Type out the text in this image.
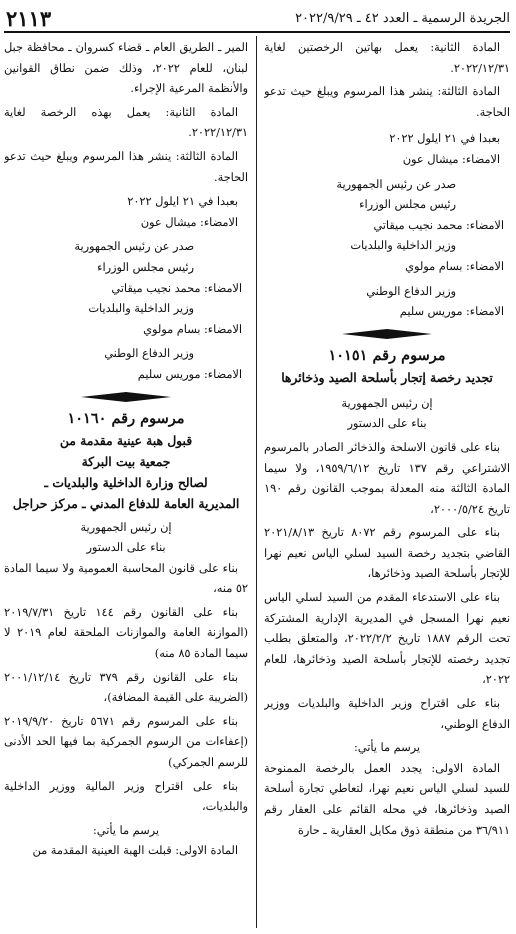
الجريدة الرسمية ـ العدد ٤٢ ـ ٢٠٢٢/٩/٢٩
٢١١٣

المادة الثانية: يعمل بهاتين الرخصتين لغاية ٢٠٢٢/١٢/٣١.

المادة الثالثة: ينشر هذا المرسوم ويبلغ حيث تدعو الحاجة.

بعبدا في ٢١ ايلول ٢٠٢٢
الامضاء: ميشال عون
صدر عن رئيس الجمهورية
رئيس مجلس الوزراء
الامضاء: محمد نجيب ميقاتي
وزير الداخلية والبلديات
الامضاء: بسام مولوي
وزير الدفاع الوطني
الامضاء: موريس سليم
مرسوم رقم ١٠١٥١
تجديد رخصة إتجار بأسلحة الصيد وذخائرها
إن رئيس الجمهورية
بناء على الدستور

بناء على قانون الاسلحة والذخائر الصادر بالمرسوم الاشتراعي رقم ١٣٧ تاريخ ١٩٥٩/٦/١٢، ولا سيما المادة الثالثة منه المعدلة بموجب القانون رقم ١٩٠ تاريخ ٢٠٠٠/٥/٢٤،

بناء على المرسوم رقم ٨٠٧٢ تاريخ ٢٠٢١/٨/١٣ القاضي بتجديد رخصة السيد لسلي الياس نعيم نهرا للإتجار بأسلحة الصيد وذخائرها،

بناء على الاستدعاء المقدم من السيد لسلي الياس نعيم نهرا المسجل في المديرية الإدارية المشتركة تحت الرقم ١٨٨٧ تاريخ ٢٠٢٢/٢/٢، والمتعلق بطلب تجديد رخصته للإتجار بأسلحة الصيد وذخائرها، للعام ٢٠٢٢،

بناء على اقتراح وزير الداخلية والبلديات ووزير الدفاع الوطني،

يرسم ما يأتي:

المادة الاولى: يجدد العمل بالرخصة الممنوحة للسيد لسلي الياس نعيم نهرا، لتعاطي تجارة أسلحة الصيد وذخائرها، في محله القائم على العقار رقم ٣٦/٩١١ من منطقة ذوق مكايل العقارية ـ حارة

المير ـ الطريق العام ـ قضاء كسروان ـ محافظة جبل لبنان، للعام ٢٠٢٢، وذلك ضمن نطاق القوانين والأنظمة المرعية الإجراء.

المادة الثانية: يعمل بهذه الرخصة لغاية ٢٠٢٢/١٢/٣١.

المادة الثالثة: ينشر هذا المرسوم ويبلغ حيث تدعو الحاجة.

بعبدا في ٢١ ايلول ٢٠٢٢
الامضاء: ميشال عون
صدر عن رئيس الجمهورية
رئيس مجلس الوزراء
الامضاء: محمد نجيب ميقاتي
وزير الداخلية والبلديات
الامضاء: بسام مولوي
وزير الدفاع الوطني
الامضاء: موريس سليم
مرسوم رقم ١٠١٦٠
قبول هبة عينية مقدمة من
جمعية بيت البركة
لصالح وزارة الداخلية والبلديات ـ
المديرية العامة للدفاع المدني ـ مركز حراجل
إن رئيس الجمهورية
بناء على الدستور

بناء على قانون المحاسبة العمومية ولا سيما المادة ٥٢ منه،

بناء على القانون رقم ١٤٤ تاريخ ٢٠١٩/٧/٣١ (الموازنة العامة والموازنات الملحقة لعام ٢٠١٩ لا سيما المادة ٨٥ منه)

بناء على القانون رقم ٣٧٩ تاريخ ٢٠٠١/١٢/١٤ (الضريبة على القيمة المضافة)،

بناء على المرسوم رقم ٥٦٧١ تاريخ ٢٠١٩/٩/٢٠ (إعفاءات من الرسوم الجمركية بما فيها الحد الأدنى للرسم الجمركي)

بناء على اقتراح وزير المالية ووزير الداخلية والبلديات،

يرسم ما يأتي:

المادة الاولى: قبلت الهبة العينية المقدمة من
